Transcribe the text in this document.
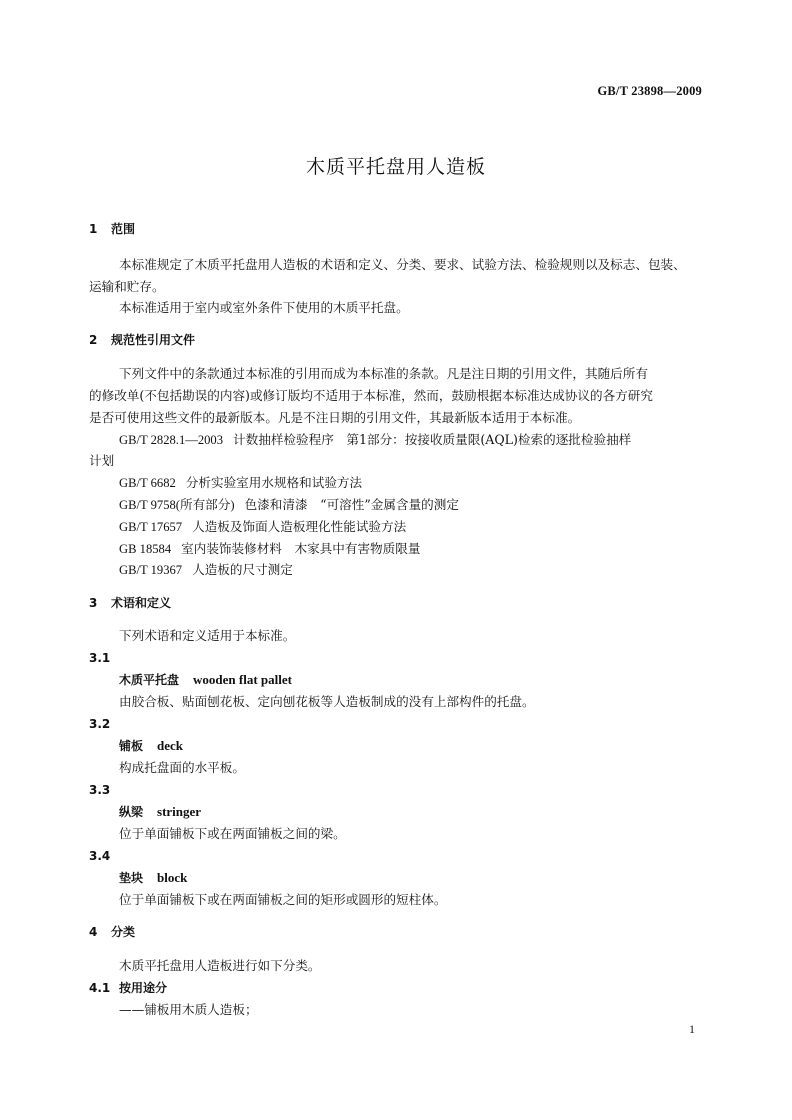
GB/T 23898—2009
木质平托盘用人造板
1 范围
本标准规定了木质平托盘用人造板的术语和定义、分类、要求、试验方法、检验规则以及标志、包装、
运输和贮存。
本标准适用于室内或室外条件下使用的木质平托盘。
2 规范性引用文件
下列文件中的条款通过本标准的引用而成为本标准的条款。凡是注日期的引用文件，其随后所有
的修改单(不包括勘误的内容)或修订版均不适用于本标准，然而，鼓励根据本标准达成协议的各方研究
是否可使用这些文件的最新版本。凡是不注日期的引用文件，其最新版本适用于本标准。
GB/T 2828.1—2003 计数抽样检验程序　第1部分：按接收质量限(AQL)检索的逐批检验抽样
计划
GB/T 6682 分析实验室用水规格和试验方法
GB/T 9758(所有部分) 色漆和清漆　“可溶性”金属含量的测定
GB/T 17657 人造板及饰面人造板理化性能试验方法
GB 18584 室内装饰装修材料　木家具中有害物质限量
GB/T 19367 人造板的尺寸测定
3 术语和定义
下列术语和定义适用于本标准。
3.1
木质平托盘 wooden flat pallet
由胶合板、贴面刨花板、定向刨花板等人造板制成的没有上部构件的托盘。
3.2
铺板 deck
构成托盘面的水平板。
3.3
纵梁 stringer
位于单面铺板下或在两面铺板之间的梁。
3.4
垫块 block
位于单面铺板下或在两面铺板之间的矩形或圆形的短柱体。
4 分类
木质平托盘用人造板进行如下分类。
4.1 按用途分
——铺板用木质人造板；
1
